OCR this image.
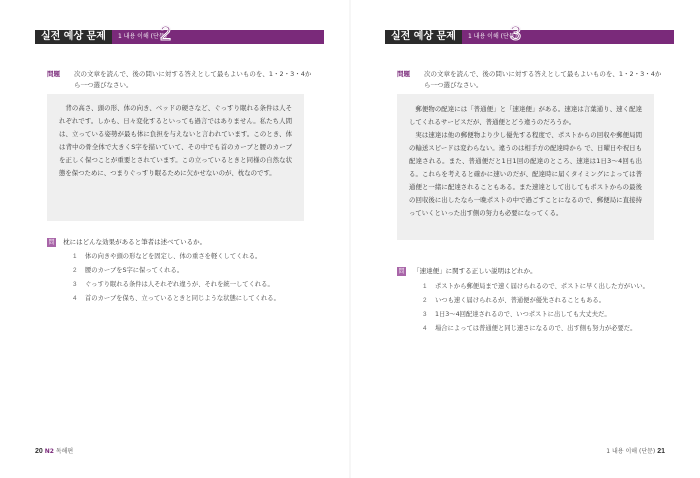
실전 예상 문제	1 내용 이해 (단문)
2
問題 次の文章を読んで、後の問いに対する答えとして最もよいものを、1・2・3・4から一つ選びなさい。

背の高さ、頭の形、体の向き、ベッドの硬さなど、ぐっすり眠れる条件は人それぞれです。しかも、日々変化するといっても過言ではありません。私たち人間は、立っている姿勢が最も体に負担を与えないと言われています。このとき、体は背中の骨全体で大きくS字を描いていて、その中でも首のカーブと腰のカーブを正しく保つことが重要とされています。この立っているときと同様の自然な状態を保つために、つまりぐっすり眠るために欠かせないのが、枕なのです。

問 枕にはどんな効果があると筆者は述べているか。
1 体の向きや頭の形などを固定し、体の重さを軽くしてくれる。
2 腰のカーブをS字に保ってくれる。
3 ぐっすり眠れる条件は人それぞれ違うが、それを統一してくれる。
4 首のカーブを保ち、立っているときと同じような状態にしてくれる。
20 N2 독해편
실전 예상 문제	1 내용 이해 (단문)
3
問題 次の文章を読んで、後の問いに対する答えとして最もよいものを、1・2・3・4から一つ選びなさい。

郵便物の配達には「普通便」と「速達便」がある。速達は言葉通り、速く配達してくれるサービスだが、普通便とどう違うのだろうか。

実は速達は他の郵便物より少し優先する程度で、ポストからの回収や郵便局間の輸送スピードは変わらない。違うのは相手方の配達時から で、日曜日や祝日も配達される。また、普通便だと1日1回の配達のところ、速達は1日3～4回も出る。これらを考えると確かに速いのだが、配達時に届くタイミングによっては普通便と一緒に配達されることもある。また速達として出してもポストからの最後の回収後に出したなら一晩ポストの中で過ごすことになるので、郵便局に直接持っていくといった出す側の努力も必要になってくる。

問 「速達便」に関する正しい説明はどれか。
1 ポストから郵便局まで速く届けられるので、ポストに早く出した方がいい。
2 いつも速く届けられるが、普通便が優先されることもある。
3 1日3～4回配達されるので、いつポストに出しても大丈夫だ。
4 場合によっては普通便と同じ速さになるので、出す側も努力が必要だ。
1 내용 이해 (단문) 21
